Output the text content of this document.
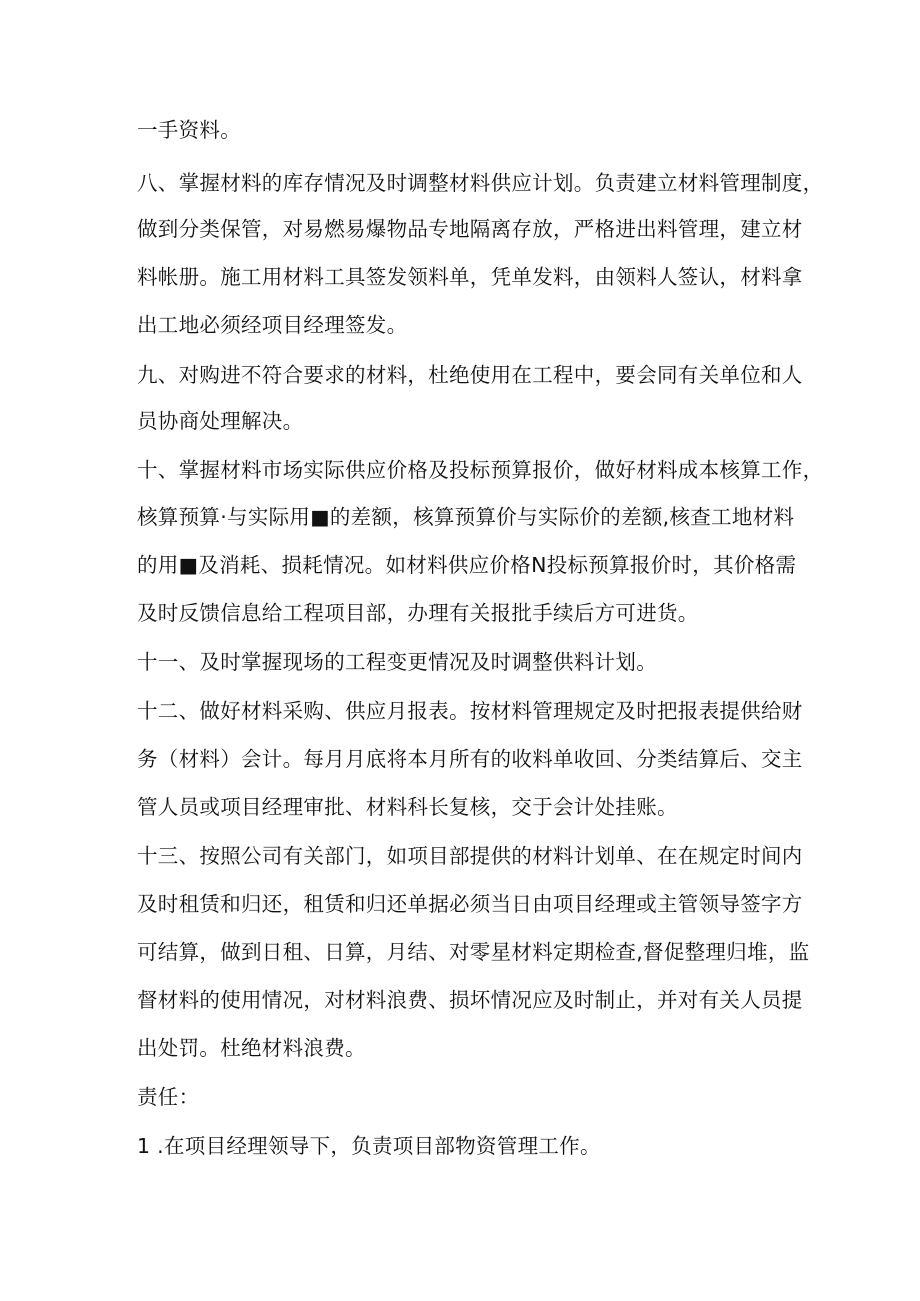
一手资料。
八、掌握材料的库存情况及时调整材料供应计划。负责建立材料管理制度，
做到分类保管，对易燃易爆物品专地隔离存放，严格进出料管理，建立材
料帐册。施工用材料工具签发领料单，凭单发料，由领料人签认，材料拿
出工地必须经项目经理签发。
九、对购进不符合要求的材料，杜绝使用在工程中，要会同有关单位和人
员协商处理解决。
十、掌握材料市场实际供应价格及投标预算报价，做好材料成本核算工作，
核算预算·与实际用■的差额，核算预算价与实际价的差额,核查工地材料
的用■及消耗、损耗情况。如材料供应价格N投标预算报价时，其价格需
及时反馈信息给工程项目部，办理有关报批手续后方可进货。
十一、及时掌握现场的工程变更情况及时调整供料计划。
十二、做好材料采购、供应月报表。按材料管理规定及时把报表提供给财
务（材料）会计。每月月底将本月所有的收料单收回、分类结算后、交主
管人员或项目经理审批、材料科长复核，交于会计处挂账。
十三、按照公司有关部门，如项目部提供的材料计划单、在在规定时间内
及时租赁和归还，租赁和归还单据必须当日由项目经理或主管领导签字方
可结算，做到日租、日算，月结、对零星材料定期检查,督促整理归堆，监
督材料的使用情况，对材料浪费、损坏情况应及时制止，并对有关人员提
出处罚。杜绝材料浪费。
责任：
1 .在项目经理领导下，负责项目部物资管理工作。
